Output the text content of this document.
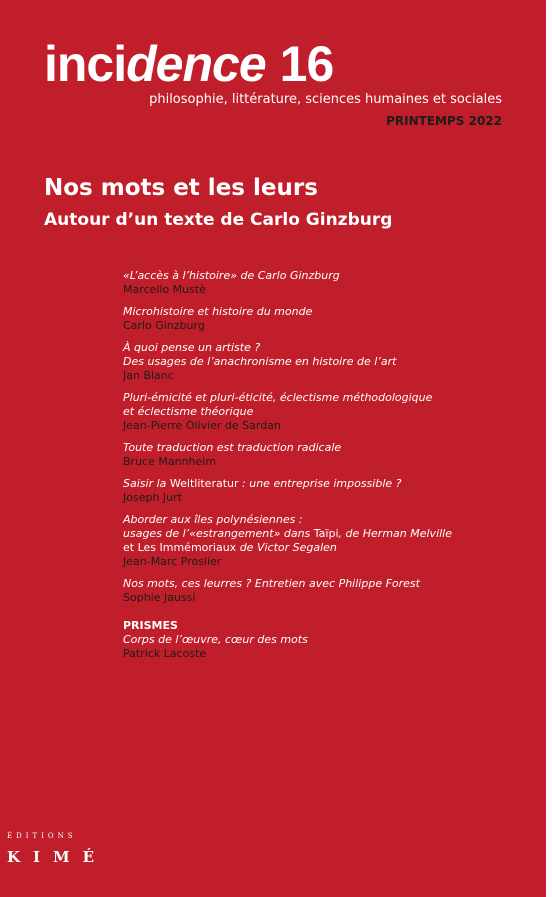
incidence 16
philosophie, littérature, sciences humaines et sociales
PRINTEMPS 2022
Nos mots et les leurs
Autour d’un texte de Carlo Ginzburg
«L’accès à l’histoire» de Carlo Ginzburg
Marcello Mustè
Microhistoire et histoire du monde
Carlo Ginzburg
À quoi pense un artiste ?
Des usages de l’anachronisme en histoire de l’art
Jan Blanc
Pluri-émicité et pluri-éticité, éclectisme méthodologique
et éclectisme théorique
Jean-Pierre Olivier de Sardan
Toute traduction est traduction radicale
Bruce Mannheim
Saisir la Weltliteratur : une entreprise impossible ?
Joseph Jurt
Aborder aux îles polynésiennes :
usages de l’«estrangement» dans Taïpi, de Herman Melville
et Les Immémoriaux de Victor Segalen
Jean-Marc Proslier
Nos mots, ces leurres ? Entretien avec Philippe Forest
Sophie Jaussi
PRISMES
Corps de l’œuvre, cœur des mots
Patrick Lacoste
ÉDITIONS
KIMÉ
